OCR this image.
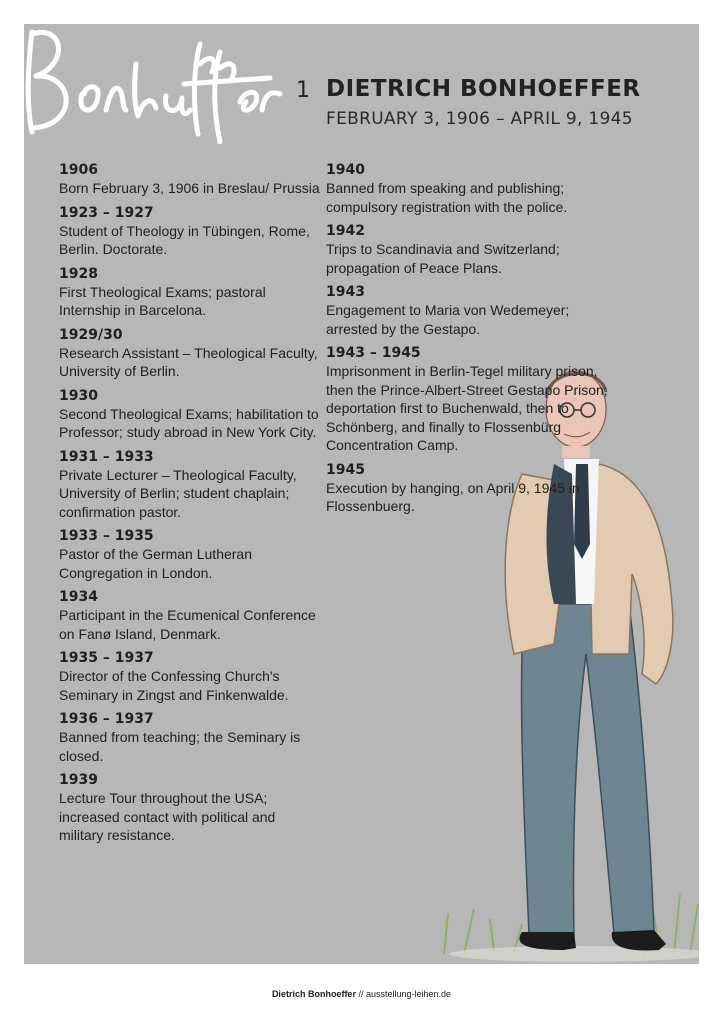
1 DIETRICH BONHOEFFER
FEBRUARY 3, 1906 – APRIL 9, 1945
1906
Born February 3, 1906 in Breslau/ Prussia
1923 – 1927
Student of Theology in Tübingen, Rome, Berlin. Doctorate.
1928
First Theological Exams; pastoral Internship in Barcelona.
1929/30
Research Assistant – Theological Faculty, University of Berlin.
1930
Second Theological Exams; habilitation to Professor; study abroad in New York City.
1931 – 1933
Private Lecturer – Theological Faculty, University of Berlin; student chaplain; confirmation pastor.
1933 – 1935
Pastor of the German Lutheran Congregation in London.
1934
Participant in the Ecumenical Conference on Fanø Island, Denmark.
1935 – 1937
Director of the Confessing Church's Seminary in Zingst and Finkenwalde.
1936 – 1937
Banned from teaching; the Seminary is closed.
1939
Lecture Tour throughout the USA; increased contact with political and military resistance.
1940
Banned from speaking and publishing; compulsory registration with the police.
1942
Trips to Scandinavia and Switzerland; propagation of Peace Plans.
1943
Engagement to Maria von Wedemeyer; arrested by the Gestapo.
1943 – 1945
Imprisonment in Berlin-Tegel military prison, then the Prince-Albert-Street Gestapo Prison; deportation first to Buchenwald, then to Schönberg, and finally to Flossenbürg Concentration Camp.
1945
Execution by hanging, on April 9, 1945 in Flossenbuerg.
Dietrich Bonhoeffer // ausstellung-leihen.de
